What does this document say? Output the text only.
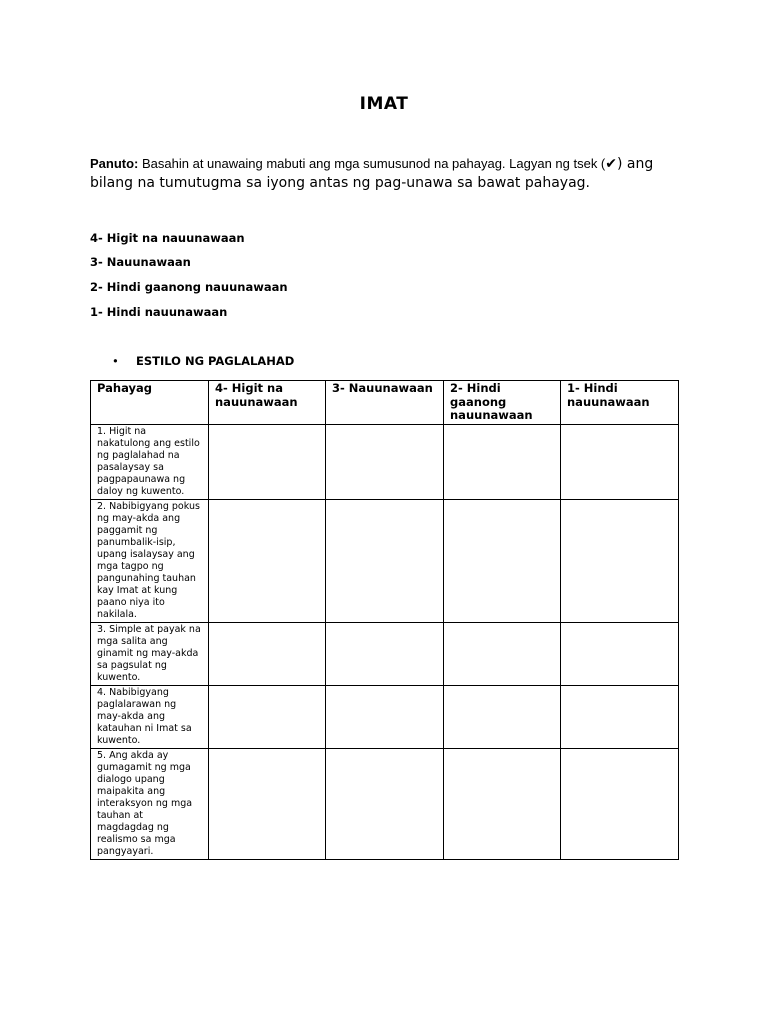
IMAT
Panuto: Basahin at unawaing mabuti ang mga sumusunod na pahayag. Lagyan ng tsek (✔) ang bilang na tumutugma sa iyong antas ng pag-unawa sa bawat pahayag.
4- Higit na nauunawaan
3- Nauunawaan
2- Hindi gaanong nauunawaan
1- Hindi nauunawaan
• ESTILO NG PAGLALAHAD
Pahayag	4- Higit na nauunawaan	3- Nauunawaan	2- Hindi gaanong nauunawaan	1- Hindi nauunawaan
1. Higit na nakatulong ang estilo ng paglalahad na pasalaysay sa pagpapaunawa ng daloy ng kuwento.				
2. Nabibigyang pokus ng may-akda ang paggamit ng panumbalik-isip, upang isalaysay ang mga tagpo ng pangunahing tauhan kay Imat at kung paano niya ito nakilala.				
3. Simple at payak na mga salita ang ginamit ng may-akda sa pagsulat ng kuwento.				
4. Nabibigyang paglalarawan ng may-akda ang katauhan ni Imat sa kuwento.				
5. Ang akda ay gumagamit ng mga dialogo upang maipakita ang interaksyon ng mga tauhan at magdagdag ng realismo sa mga pangyayari.				
